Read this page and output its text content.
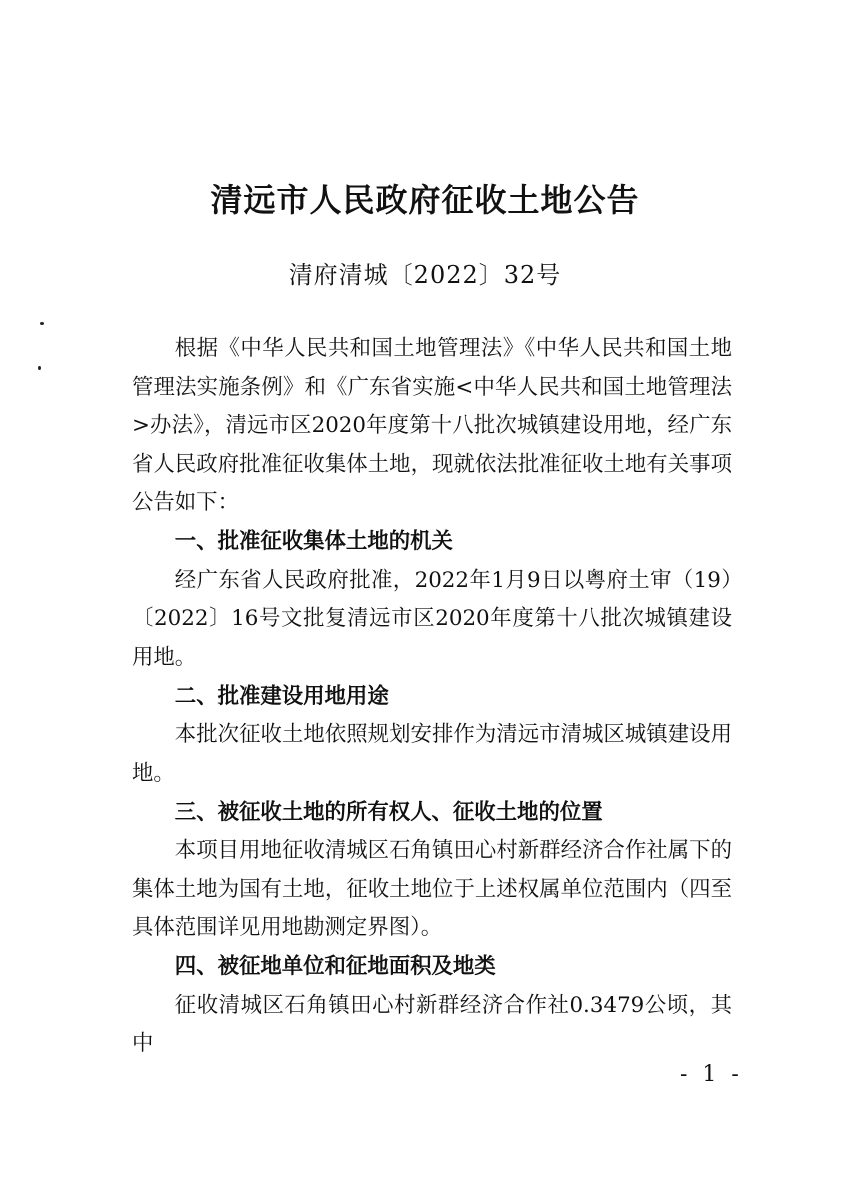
清远市人民政府征收土地公告
清府清城〔2022〕32号

根据《中华人民共和国土地管理法》《中华人民共和国土地管理法实施条例》和《广东省实施<中华人民共和国土地管理法>办法》，清远市区2020年度第十八批次城镇建设用地，经广东省人民政府批准征收集体土地，现就依法批准征收土地有关事项公告如下：

一、批准征收集体土地的机关

经广东省人民政府批准，2022年1月9日以粤府土审（19）〔2022〕16号文批复清远市区2020年度第十八批次城镇建设用地。

二、批准建设用地用途

本批次征收土地依照规划安排作为清远市清城区城镇建设用地。

三、被征收土地的所有权人、征收土地的位置

本项目用地征收清城区石角镇田心村新群经济合作社属下的集体土地为国有土地，征收土地位于上述权属单位范围内（四至具体范围详见用地勘测定界图）。

四、被征地单位和征地面积及地类

征收清城区石角镇田心村新群经济合作社0.3479公顷，其中

- 1 -
